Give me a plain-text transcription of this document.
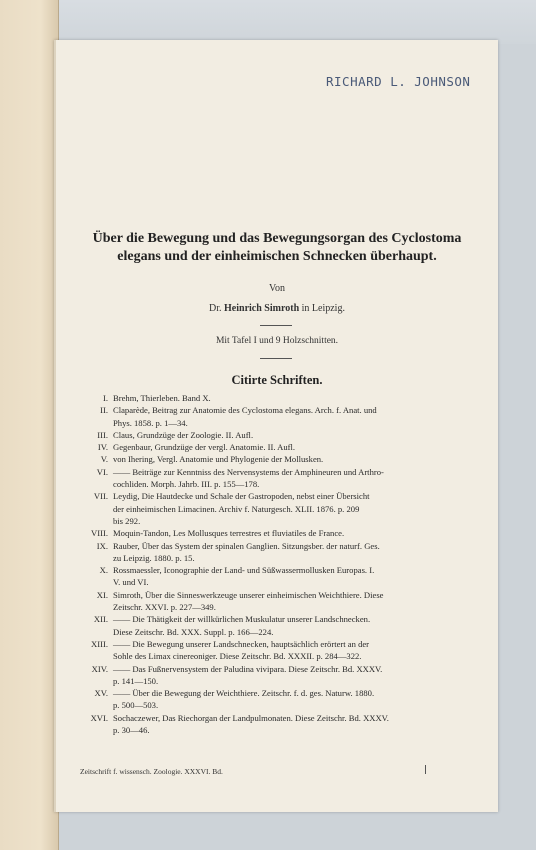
RICHARD L. JOHNSON
Über die Bewegung und das Bewegungsorgan des Cyclostoma
elegans und der einheimischen Schnecken überhaupt.
Von
Dr. Heinrich Simroth in Leipzig.
Mit Tafel I und 9 Holzschnitten.
Citirte Schriften.
I. Brehm, Thierleben. Band X.
II. Claparède, Beitrag zur Anatomie des Cyclostoma elegans. Arch. f. Anat. und
Phys. 1858. p. 1—34.
III. Claus, Grundzüge der Zoologie. II. Aufl.
IV. Gegenbaur, Grundzüge der vergl. Anatomie. II. Aufl.
V. von Ihering, Vergl. Anatomie und Phylogenie der Mollusken.
VI. —— Beiträge zur Kenntniss des Nervensystems der Amphineuren und Arthro-
cochliden. Morph. Jahrb. III. p. 155—178.
VII. Leydig, Die Hautdecke und Schale der Gastropoden, nebst einer Übersicht
der einheimischen Limacinen. Archiv f. Naturgesch. XLII. 1876. p. 209
bis 292.
VIII. Moquin-Tandon, Les Mollusques terrestres et fluviatiles de France.
IX. Rauber, Über das System der spinalen Ganglien. Sitzungsber. der naturf. Ges.
zu Leipzig. 1880. p. 15.
X. Rossmaessler, Iconographie der Land- und Süßwassermollusken Europas. I.
V. und VI.
XI. Simroth, Über die Sinneswerkzeuge unserer einheimischen Weichthiere. Diese
Zeitschr. XXVI. p. 227—349.
XII. —— Die Thätigkeit der willkürlichen Muskulatur unserer Landschnecken.
Diese Zeitschr. Bd. XXX. Suppl. p. 166—224.
XIII. —— Die Bewegung unserer Landschnecken, hauptsächlich erörtert an der
Sohle des Limax cinereoniger. Diese Zeitschr. Bd. XXXII. p. 284—322.
XIV. —— Das Fußnervensystem der Paludina vivipara. Diese Zeitschr. Bd. XXXV.
p. 141—150.
XV. —— Über die Bewegung der Weichthiere. Zeitschr. f. d. ges. Naturw. 1880.
p. 500—503.
XVI. Sochaczewer, Das Riechorgan der Landpulmonaten. Diese Zeitschr. Bd. XXXV.
p. 30—46.
Zeitschrift f. wissensch. Zoologie. XXXVI. Bd.
